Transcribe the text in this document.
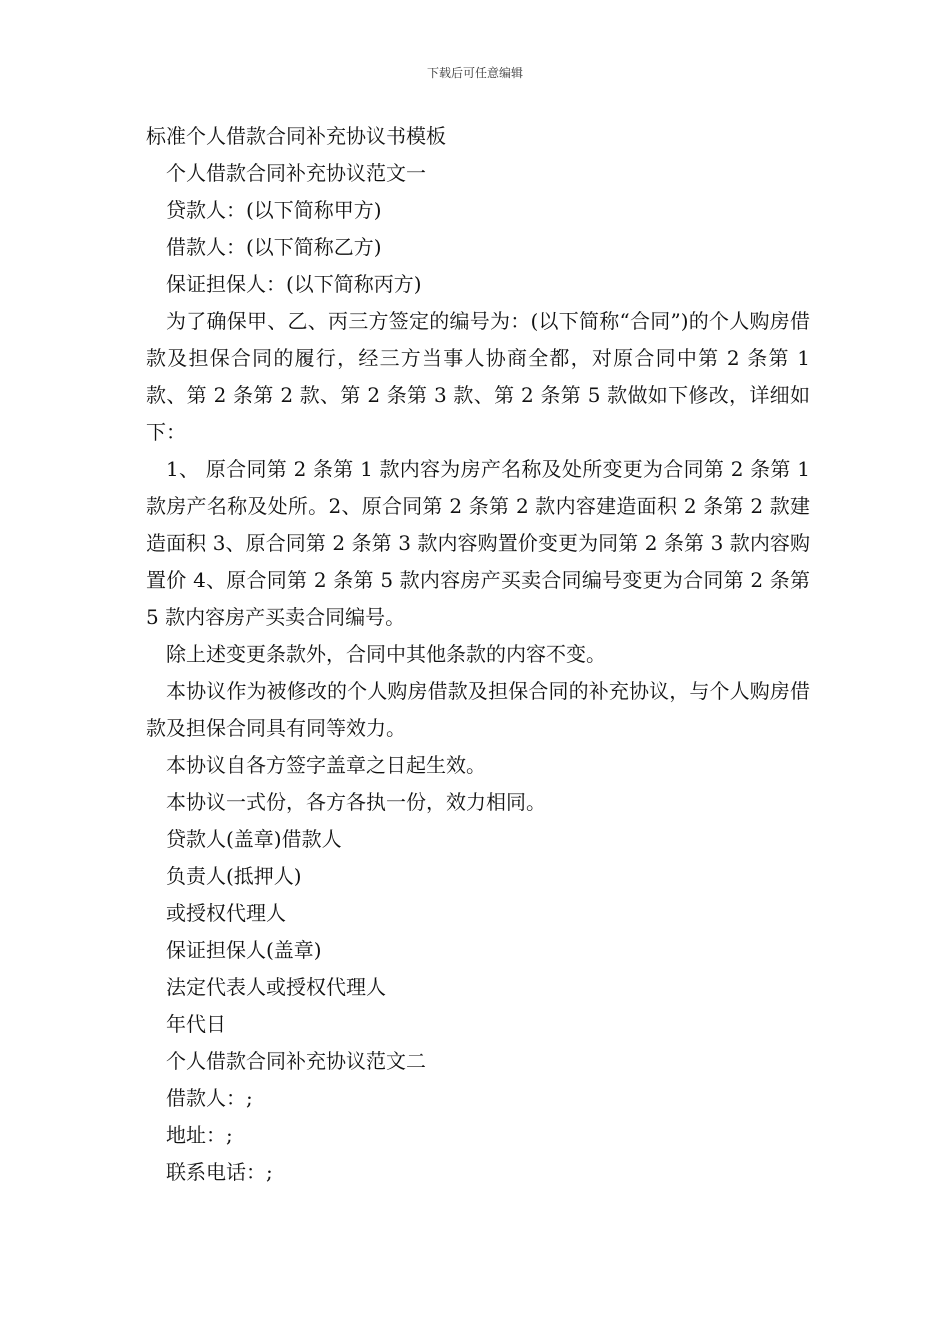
下载后可任意编辑

标准个人借款合同补充协议书模板

个人借款合同补充协议范文一

贷款人：(以下简称甲方)

借款人：(以下简称乙方)

保证担保人：(以下简称丙方)

为了确保甲、乙、丙三方签定的编号为：(以下简称“合同”)的个人购房借款及担保合同的履行，经三方当事人协商全都，对原合同中第 2 条第 1 款、第 2 条第 2 款、第 2 条第 3 款、第 2 条第 5 款做如下修改，详细如下：

1、 原合同第 2 条第 1 款内容为房产名称及处所变更为合同第 2 条第 1 款房产名称及处所。2、原合同第 2 条第 2 款内容建造面积 2 条第 2 款建造面积 3、原合同第 2 条第 3 款内容购置价变更为同第 2 条第 3 款内容购置价 4、原合同第 2 条第 5 款内容房产买卖合同编号变更为合同第 2 条第 5 款内容房产买卖合同编号。

除上述变更条款外，合同中其他条款的内容不变。

本协议作为被修改的个人购房借款及担保合同的补充协议，与个人购房借款及担保合同具有同等效力。

本协议自各方签字盖章之日起生效。

本协议一式份，各方各执一份，效力相同。

贷款人(盖章)借款人

负责人(抵押人)

或授权代理人

保证担保人(盖章)

法定代表人或授权代理人

年代日

个人借款合同补充协议范文二

借款人：;

地址：;

联系电话：;
